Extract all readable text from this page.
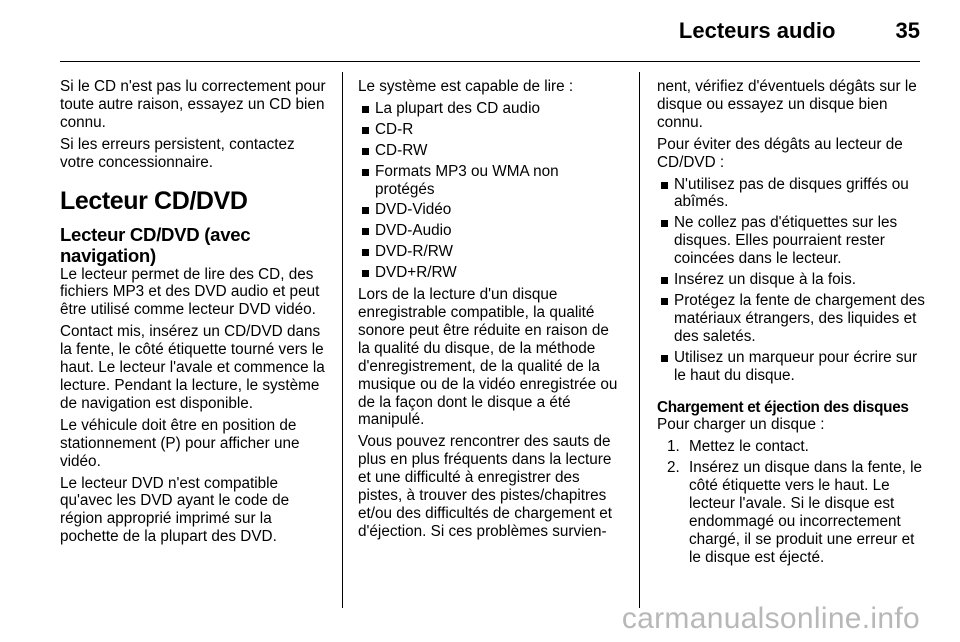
Lecteurs audio	35

Si le CD n'est pas lu correctement pour toute autre raison, essayez un CD bien connu.

Si les erreurs persistent, contactez votre concessionnaire.

Lecteur CD/DVD
Lecteur CD/DVD (avec navigation)

Le lecteur permet de lire des CD, des fichiers MP3 et des DVD audio et peut être utilisé comme lecteur DVD vidéo.

Contact mis, insérez un CD/DVD dans la fente, le côté étiquette tourné vers le haut. Le lecteur l'avale et commence la lecture. Pendant la lecture, le système de navigation est disponible.

Le véhicule doit être en position de stationnement (P) pour afficher une vidéo.

Le lecteur DVD n'est compatible qu'avec les DVD ayant le code de région approprié imprimé sur la pochette de la plupart des DVD.

Le système est capable de lire :

La plupart des CD audio
CD-R
CD-RW
Formats MP3 ou WMA non protégés
DVD-Vidéo
DVD-Audio
DVD-R/RW
DVD+R/RW

Lors de la lecture d'un disque enregistrable compatible, la qualité sonore peut être réduite en raison de la qualité du disque, de la méthode d'enregistrement, de la qualité de la musique ou de la vidéo enregistrée ou de la façon dont le disque a été manipulé.

Vous pouvez rencontrer des sauts de plus en plus fréquents dans la lecture et une difficulté à enregistrer des pistes, à trouver des pistes/chapitres et/ou des difficultés de chargement et d'éjection. Si ces problèmes survien-

nent, vérifiez d'éventuels dégâts sur le disque ou essayez un disque bien connu.

Pour éviter des dégâts au lecteur de CD/DVD :

N'utilisez pas de disques griffés ou abîmés.
Ne collez pas d'étiquettes sur les disques. Elles pourraient rester coincées dans le lecteur.
Insérez un disque à la fois.
Protégez la fente de chargement des matériaux étrangers, des liquides et des saletés.
Utilisez un marqueur pour écrire sur le haut du disque.
Chargement et éjection des disques

Pour charger un disque :

1. Mettez le contact.
2. Insérez un disque dans la fente, le côté étiquette vers le haut. Le lecteur l'avale. Si le disque est endommagé ou incorrectement chargé, il se produit une erreur et le disque est éjecté.
carmanualsonline.info
